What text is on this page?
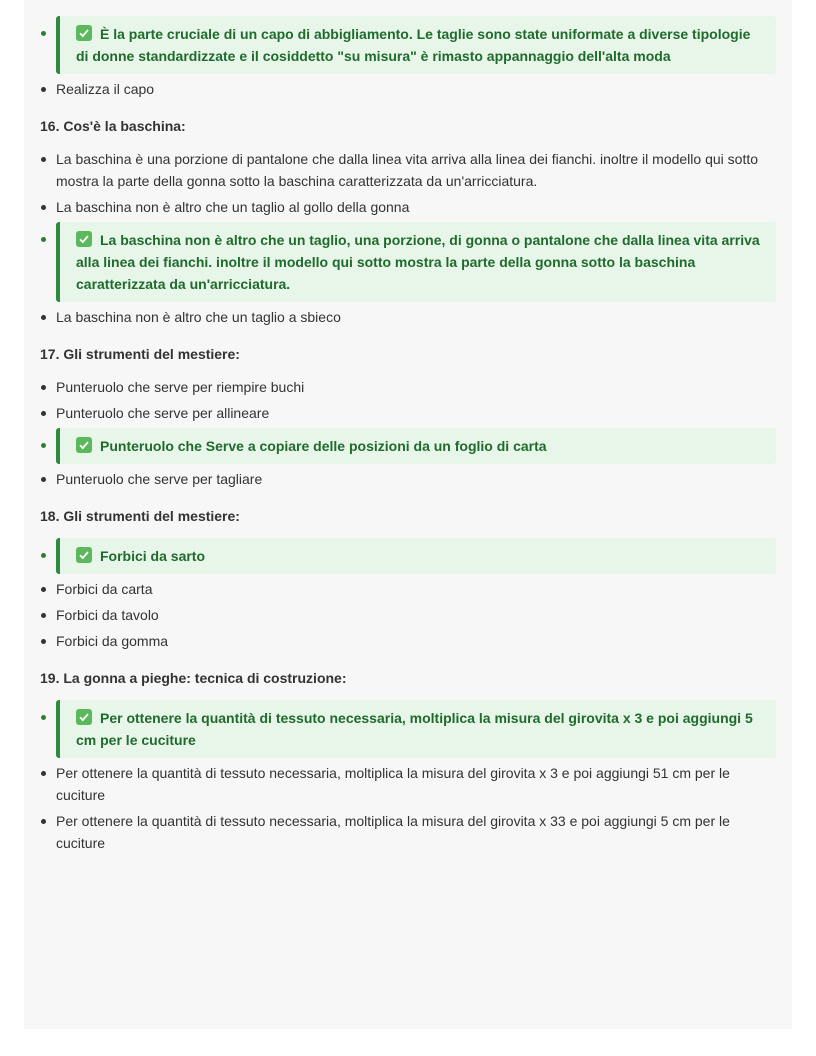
È la parte cruciale di un capo di abbigliamento. Le taglie sono state uniformate a diverse tipologie di donne standardizzate e il cosiddetto "su misura" è rimasto appannaggio dell'alta moda
Realizza il capo
16. Cos'è la baschina:
La baschina è una porzione di pantalone che dalla linea vita arriva alla linea dei fianchi. inoltre il modello qui sotto mostra la parte della gonna sotto la baschina caratterizzata da un'arricciatura.
La baschina non è altro che un taglio al gollo della gonna
La baschina non è altro che un taglio, una porzione, di gonna o pantalone che dalla linea vita arriva alla linea dei fianchi. inoltre il modello qui sotto mostra la parte della gonna sotto la baschina caratterizzata da un'arricciatura.
La baschina non è altro che un taglio a sbieco
17. Gli strumenti del mestiere:
Punteruolo che serve per riempire buchi
Punteruolo che serve per allineare
Punteruolo che Serve a copiare delle posizioni da un foglio di carta
Punteruolo che serve per tagliare
18. Gli strumenti del mestiere:
Forbici da sarto
Forbici da carta
Forbici da tavolo
Forbici da gomma
19. La gonna a pieghe: tecnica di costruzione:
Per ottenere la quantità di tessuto necessaria, moltiplica la misura del girovita x 3 e poi aggiungi 5 cm per le cuciture
Per ottenere la quantità di tessuto necessaria, moltiplica la misura del girovita x 3 e poi aggiungi 51 cm per le cuciture
Per ottenere la quantità di tessuto necessaria, moltiplica la misura del girovita x 33 e poi aggiungi 5 cm per le cuciture
